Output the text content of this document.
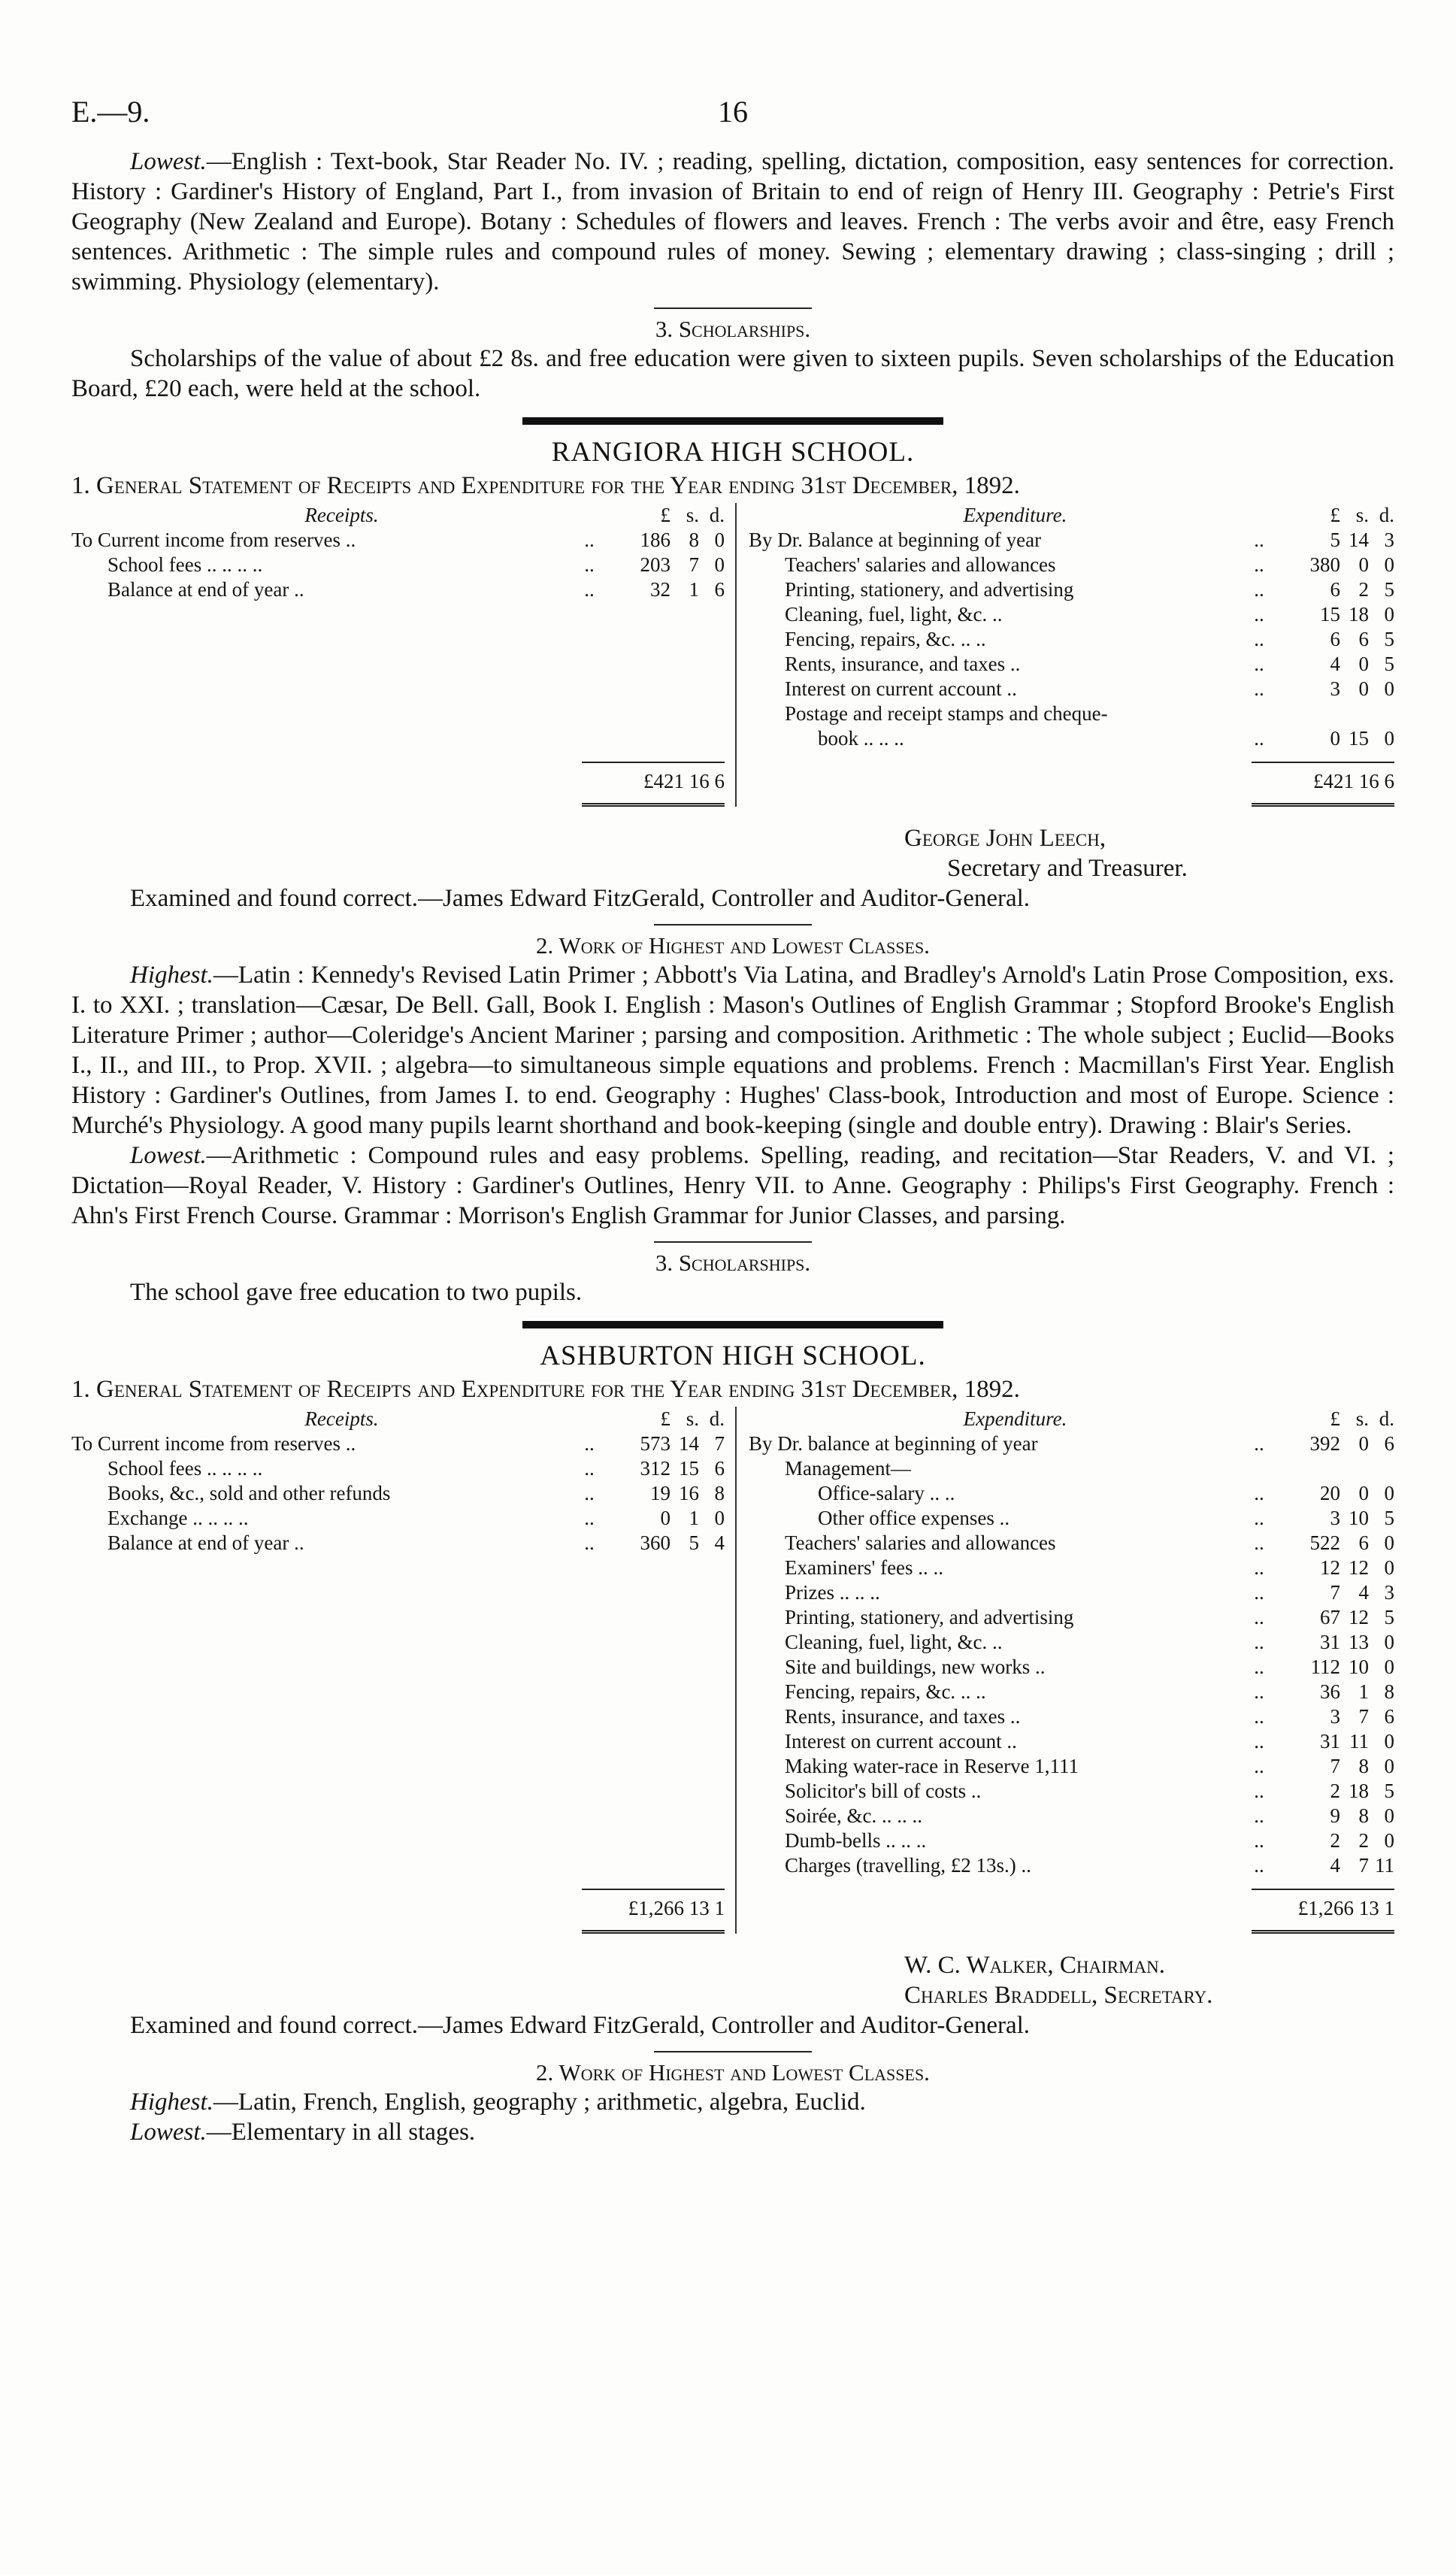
E.—9.	16

Lowest.—English : Text-book, Star Reader No. IV. ; reading, spelling, dictation, composition, easy sentences for correction. History : Gardiner's History of England, Part I., from invasion of Britain to end of reign of Henry III. Geography : Petrie's First Geography (New Zealand and Europe). Botany : Schedules of flowers and leaves. French : The verbs avoir and être, easy French sentences. Arithmetic : The simple rules and compound rules of money. Sewing ; elementary drawing ; class-singing ; drill ; swimming. Physiology (elementary).

3. Scholarships.

Scholarships of the value of about £2 8s. and free education were given to sixteen pupils. Seven scholarships of the Education Board, £20 each, were held at the school.

RANGIORA HIGH SCHOOL.
1. General Statement of Receipts and Expenditure for the Year ending 31st December, 1892.
Receipts.	£ s. d.
To Current income from reserves ..	..	186 8 0
School fees .. .. .. ..	..	203 7 0
Balance at end of year ..	..	32 1 6
£421 16 6
Expenditure.	£ s. d.
By Dr. Balance at beginning of year	..	5 14 3
Teachers' salaries and allowances	..	380 0 0
Printing, stationery, and advertising	..	6 2 5
Cleaning, fuel, light, &c. ..	..	15 18 0
Fencing, repairs, &c. .. ..	..	6 6 5
Rents, insurance, and taxes ..	..	4 0 5
Interest on current account ..	..	3 0 0
Postage and receipt stamps and cheque-
book .. .. ..	..	0 15 0
£421 16 6
George John Leech,
Secretary and Treasurer.
Examined and found correct.—James Edward FitzGerald, Controller and Auditor-General.
2. Work of Highest and Lowest Classes.

Highest.—Latin : Kennedy's Revised Latin Primer ; Abbott's Via Latina, and Bradley's Arnold's Latin Prose Composition, exs. I. to XXI. ; translation—Cæsar, De Bell. Gall, Book I. English : Mason's Outlines of English Grammar ; Stopford Brooke's English Literature Primer ; author—Coleridge's Ancient Mariner ; parsing and composition. Arithmetic : The whole subject ; Euclid—Books I., II., and III., to Prop. XVII. ; algebra—to simultaneous simple equations and problems. French : Macmillan's First Year. English History : Gardiner's Outlines, from James I. to end. Geography : Hughes' Class-book, Introduction and most of Europe. Science : Murché's Physiology. A good many pupils learnt shorthand and book-keeping (single and double entry). Drawing : Blair's Series.

Lowest.—Arithmetic : Compound rules and easy problems. Spelling, reading, and recitation—Star Readers, V. and VI. ; Dictation—Royal Reader, V. History : Gardiner's Outlines, Henry VII. to Anne. Geography : Philips's First Geography. French : Ahn's First French Course. Grammar : Morrison's English Grammar for Junior Classes, and parsing.

3. Scholarships.

The school gave free education to two pupils.

ASHBURTON HIGH SCHOOL.
1. General Statement of Receipts and Expenditure for the Year ending 31st December, 1892.
Receipts.	£ s. d.
To Current income from reserves ..	..	573 14 7
School fees .. .. .. ..	..	312 15 6
Books, &c., sold and other refunds	..	19 16 8
Exchange .. .. .. ..	..	0 1 0
Balance at end of year ..	..	360 5 4
£1,266 13 1
Expenditure.	£ s. d.
By Dr. balance at beginning of year	..	392 0 6
Management—
Office-salary .. ..	..	20 0 0
Other office expenses ..	..	3 10 5
Teachers' salaries and allowances	..	522 6 0
Examiners' fees .. ..	..	12 12 0
Prizes .. .. ..	..	7 4 3
Printing, stationery, and advertising	..	67 12 5
Cleaning, fuel, light, &c. ..	..	31 13 0
Site and buildings, new works ..	..	112 10 0
Fencing, repairs, &c. .. ..	..	36 1 8
Rents, insurance, and taxes ..	..	3 7 6
Interest on current account ..	..	31 11 0
Making water-race in Reserve 1,111	..	7 8 0
Solicitor's bill of costs ..	..	2 18 5
Soirée, &c. .. .. ..	..	9 8 0
Dumb-bells .. .. ..	..	2 2 0
Charges (travelling, £2 13s.) ..	..	4 7 11
£1,266 13 1
W. C. Walker, Chairman.
Charles Braddell, Secretary.
Examined and found correct.—James Edward FitzGerald, Controller and Auditor-General.
2. Work of Highest and Lowest Classes.

Highest.—Latin, French, English, geography ; arithmetic, algebra, Euclid.

Lowest.—Elementary in all stages.
